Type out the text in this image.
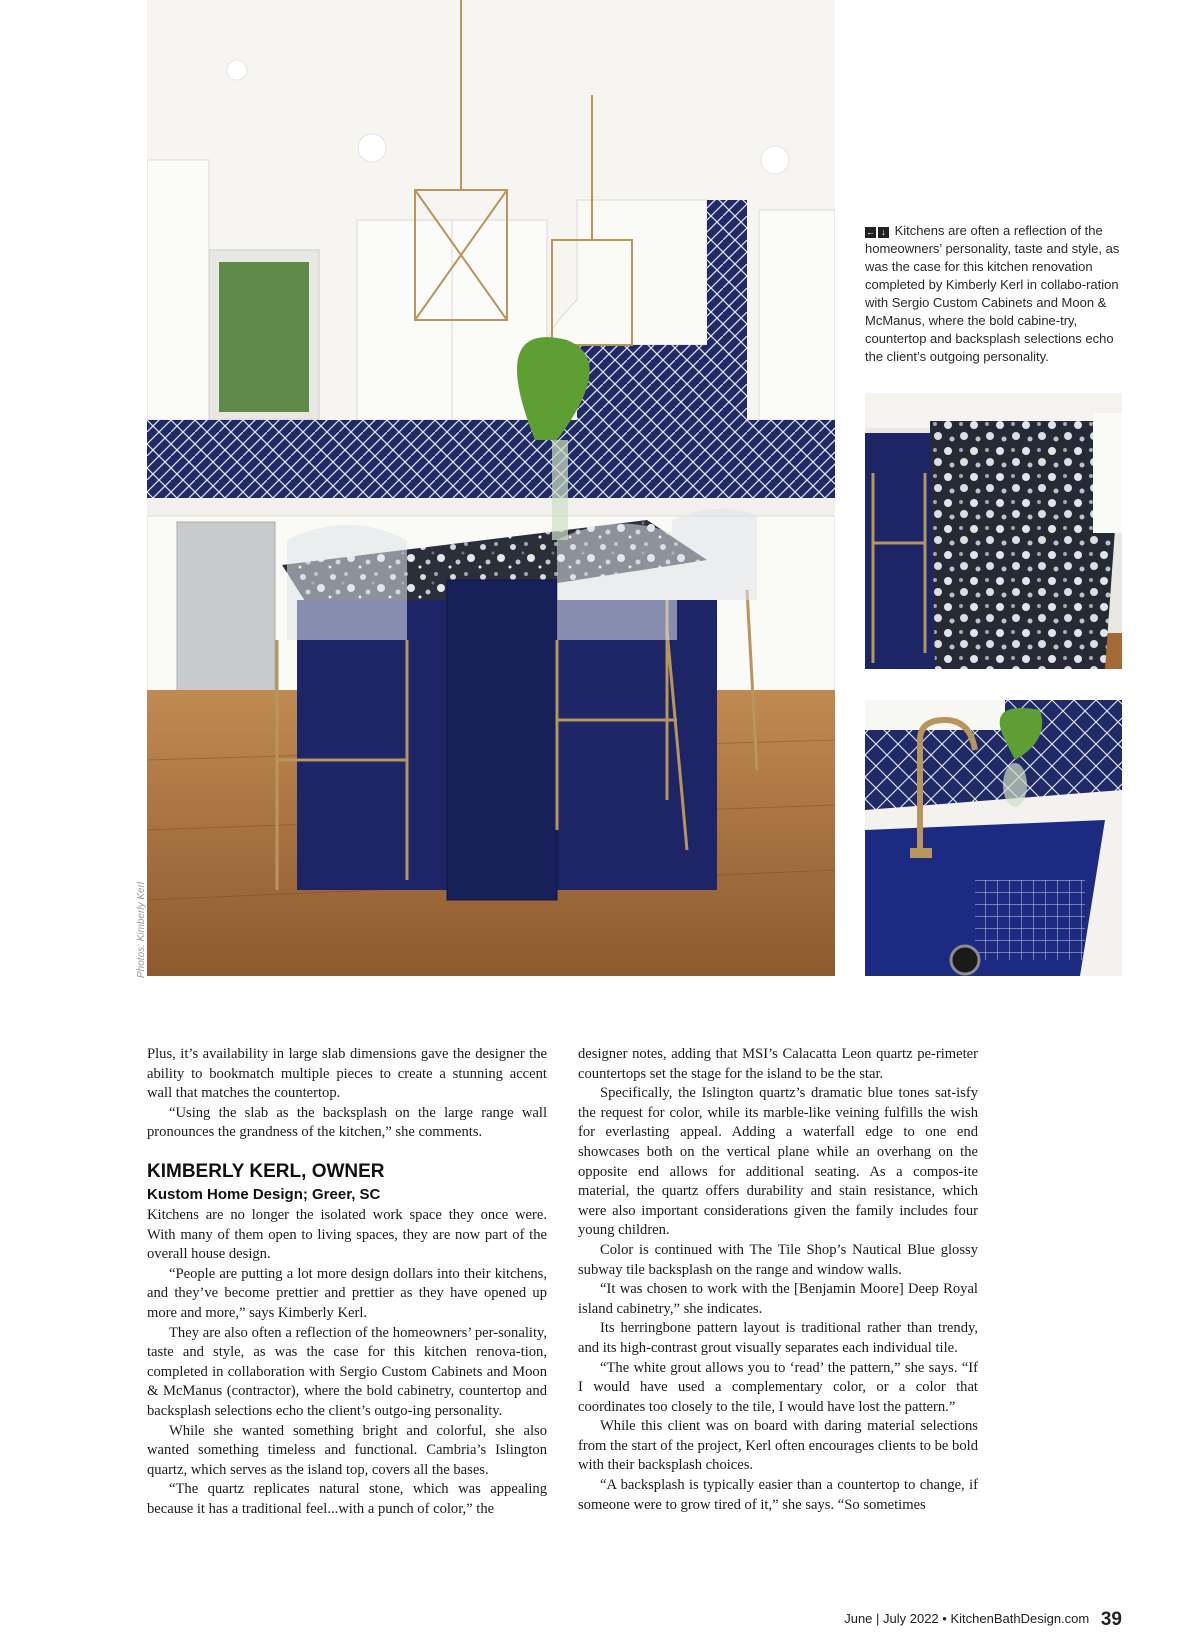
Photos: Kimberly Kerl
← ↓ Kitchens are often a reflection of the homeowners’ personality, taste and style, as was the case for this kitchen renovation completed by Kimberly Kerl in collabo-ration with Sergio Custom Cabinets and Moon & McManus, where the bold cabine-try, countertop and backsplash selections echo the client’s outgoing personality.

Plus, it’s availability in large slab dimensions gave the designer the ability to bookmatch multiple pieces to create a stunning accent wall that matches the countertop.

“Using the slab as the backsplash on the large range wall pronounces the grandness of the kitchen,” she comments.

KIMBERLY KERL, OWNER
Kustom Home Design; Greer, SC

Kitchens are no longer the isolated work space they once were. With many of them open to living spaces, they are now part of the overall house design.

“People are putting a lot more design dollars into their kitchens, and they’ve become prettier and prettier as they have opened up more and more,” says Kimberly Kerl.

They are also often a reflection of the homeowners’ per-sonality, taste and style, as was the case for this kitchen renova-tion, completed in collaboration with Sergio Custom Cabinets and Moon & McManus (contractor), where the bold cabinetry, countertop and backsplash selections echo the client’s outgo-ing personality.

While she wanted something bright and colorful, she also wanted something timeless and functional. Cambria’s Islington quartz, which serves as the island top, covers all the bases.

“The quartz replicates natural stone, which was appealing because it has a traditional feel...with a punch of color,” the

designer notes, adding that MSI’s Calacatta Leon quartz pe-rimeter countertops set the stage for the island to be the star.

Specifically, the Islington quartz’s dramatic blue tones sat-isfy the request for color, while its marble-like veining fulfills the wish for everlasting appeal. Adding a waterfall edge to one end showcases both on the vertical plane while an overhang on the opposite end allows for additional seating. As a compos-ite material, the quartz offers durability and stain resistance, which were also important considerations given the family includes four young children.

Color is continued with The Tile Shop’s Nautical Blue glossy subway tile backsplash on the range and window walls.

“It was chosen to work with the [Benjamin Moore] Deep Royal island cabinetry,” she indicates.

Its herringbone pattern layout is traditional rather than trendy, and its high-contrast grout visually separates each individual tile.

“The white grout allows you to ‘read’ the pattern,” she says. “If I would have used a complementary color, or a color that coordinates too closely to the tile, I would have lost the pattern.”

While this client was on board with daring material selections from the start of the project, Kerl often encourages clients to be bold with their backsplash choices.

“A backsplash is typically easier than a countertop to change, if someone were to grow tired of it,” she says. “So sometimes

June | July 2022 • KitchenBathDesign.com 39
